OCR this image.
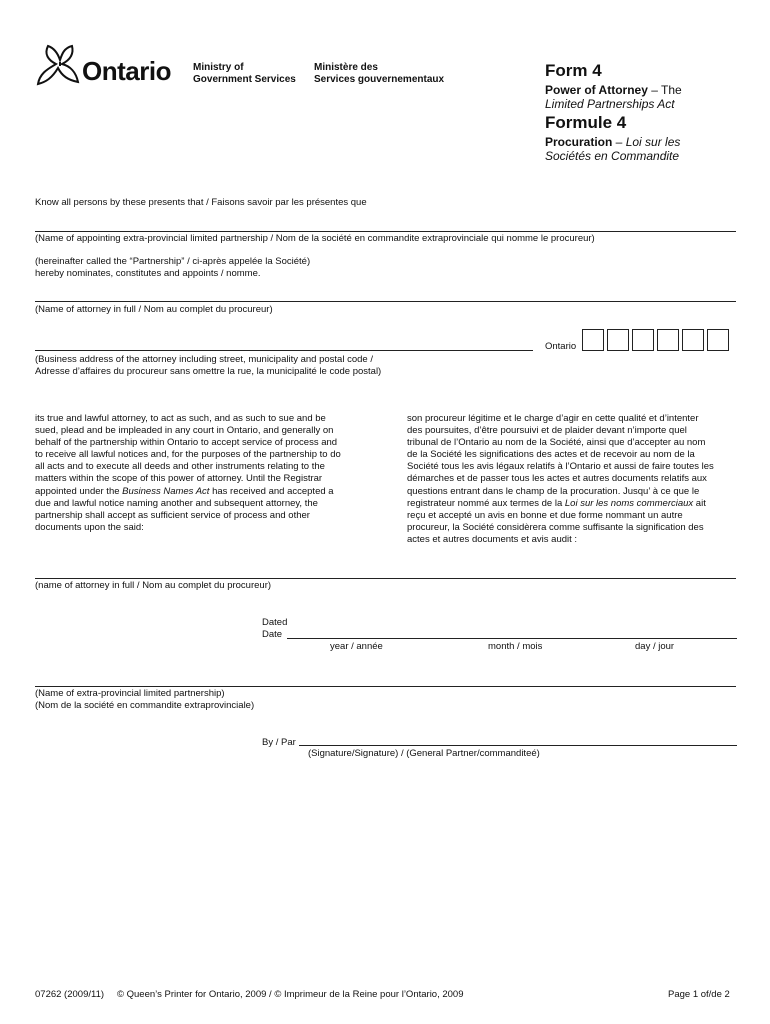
Ontario Ministry of
Government Services
Ministère des
Services gouvernementaux	Form 4
Power of Attorney – The
Limited Partnerships Act
Formule 4
Procuration – Loi sur les
Sociétés en Commandite
Know all persons by these presents that / Faisons savoir par les présentes que
(Name of appointing extra-provincial limited partnership / Nom de la société en commandite extraprovinciale qui nomme le procureur)
(hereinafter called the “Partnership” / ci-après appelée la Société)
hereby nominates, constitutes and appoints / nomme.
(Name of attorney in full / Nom au complet du procureur)
Ontario
(Business address of the attorney including street, municipality and postal code /
Adresse d’affaires du procureur sans omettre la rue, la municipalité le code postal)
its true and lawful attorney, to act as such, and as such to sue and be
sued, plead and be impleaded in any court in Ontario, and generally on
behalf of the partnership within Ontario to accept service of process and
to receive all lawful notices and, for the purposes of the partnership to do
all acts and to execute all deeds and other instruments relating to the
matters within the scope of this power of attorney. Until the Registrar
appointed under the Business Names Act has received and accepted a
due and lawful notice naming another and subsequent attorney, the
partnership shall accept as sufficient service of process and other
documents upon the said:
son procureur légitime et le charge d’agir en cette qualité et d’intenter
des poursuites, d’être poursuivi et de plaider devant n’importe quel
tribunal de l’Ontario au nom de la Société, ainsi que d’accepter au nom
de la Société les significations des actes et de recevoir au nom de la
Société tous les avis légaux relatifs à l’Ontario et aussi de faire toutes les
démarches et de passer tous les actes et autres documents relatifs aux
questions entrant dans le champ de la procuration. Jusqu’ à ce que le
registrateur nommé aux termes de la Loi sur les noms commerciaux ait
reçu et accepté un avis en bonne et due forme nommant un autre
procureur, la Société considèrera comme suffisante la signification des
actes et autres documents et avis audit :
(name of attorney in full / Nom au complet du procureur)
Dated
Date
year / année	month / mois	day / jour
(Name of extra-provincial limited partnership)
(Nom de la société en commandite extraprovinciale)
By / Par
(Signature/Signature) / (General Partner/commanditeé)
07262 (2009/11) © Queen’s Printer for Ontario, 2009 / © Imprimeur de la Reine pour l’Ontario, 2009	Page 1 of/de 2
